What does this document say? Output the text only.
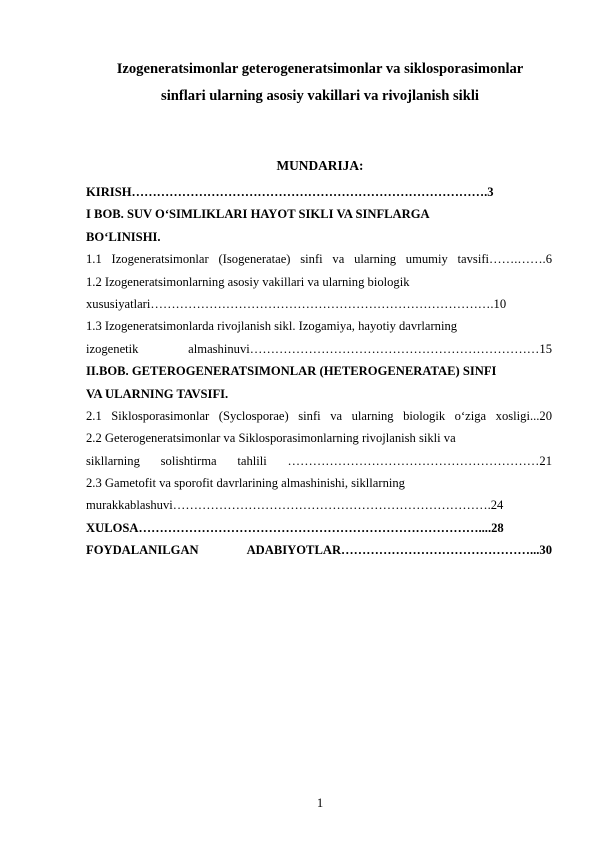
Izogeneratsimonlar geterogeneratsimonlar va siklosporasimonlar
sinflari ularning asosiy vakillari va rivojlanish sikli
MUNDARIJA:
KIRISH………………………………………………………………………….3
I BOB. SUV O‘SIMLIKLARI HAYOT SIKLI VA SINFLARGA
BO‘LINISHI.
1.1 Izogeneratsimonlar (Isogeneratae) sinfi va ularning umumiy tavsifi…….…….6
1.2 Izogeneratsimonlarning asosiy vakillari va ularning biologik
xususiyatlari……………………………………………………………………….10
1.3 Izogeneratsimonlarda rivojlanish sikl. Izogamiya, hayotiy davrlarning
izogenetik almashinuvi……………………………………………………………15
II.BOB. GETEROGENERATSIMONLAR (HETEROGENERATAE) SINFI
VA ULARNING TAVSIFI.
2.1 Siklosporasimonlar (Syclosporae) sinfi va ularning biologik o‘ziga xosligi...20
2.2 Geterogeneratsimonlar va Siklosporasimonlarning rivojlanish sikli va
sikllarning solishtirma tahlili ……………………………………………………21
2.3 Gametofit va sporofit davrlarining almashinishi, sikllarning
murakkablashuvi………………………………………………………………….24
XULOSA………………………………………………………………………....28
FOYDALANILGAN ADABIYOTLAR………………………………………...30
1
